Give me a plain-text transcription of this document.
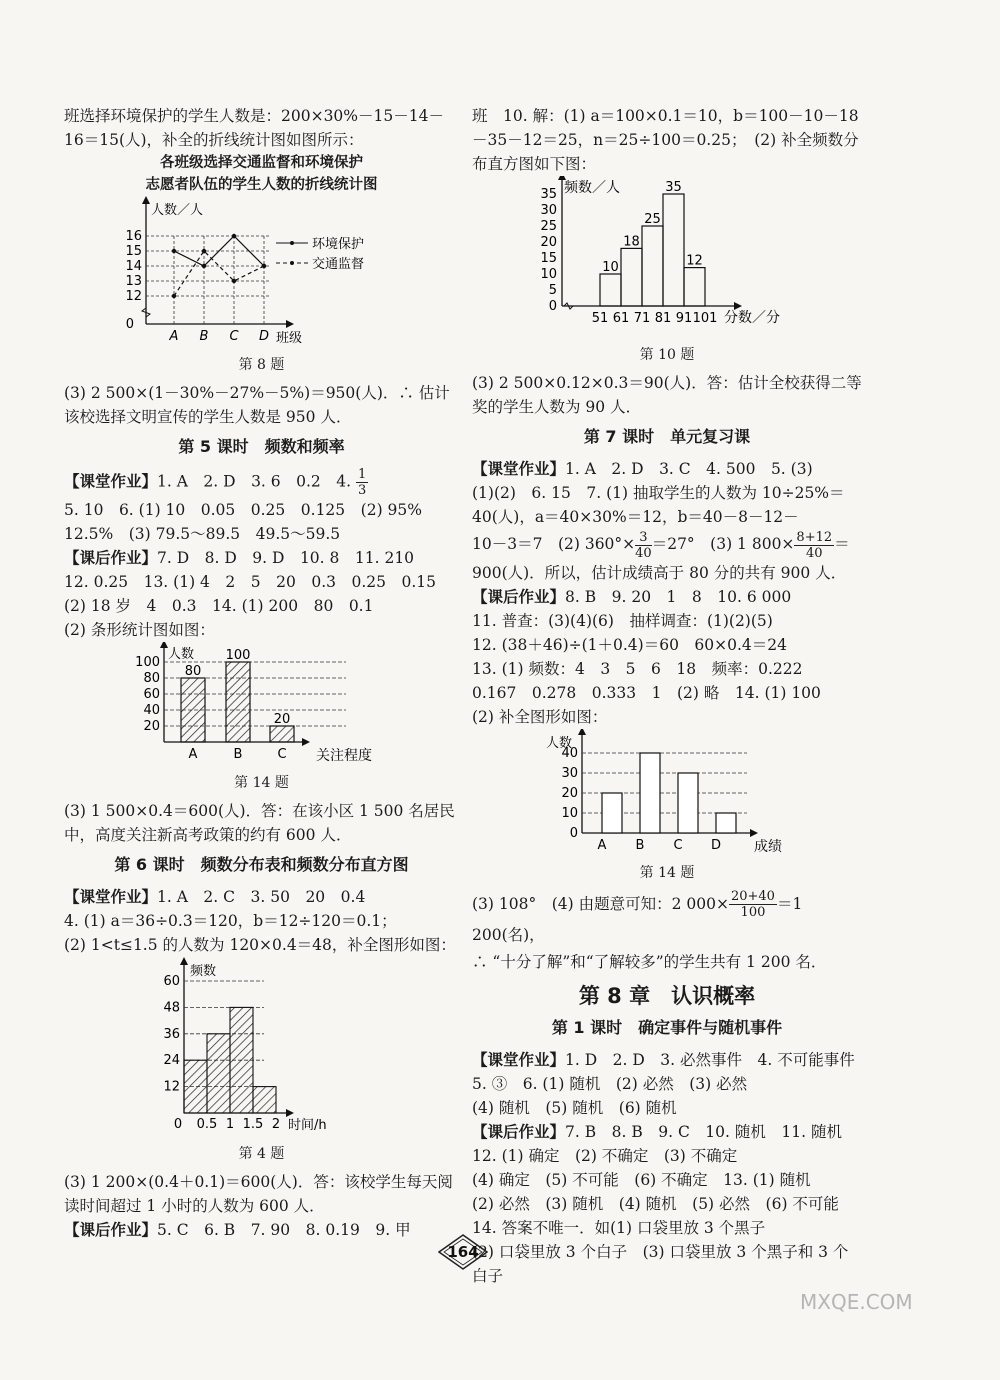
班选择环境保护的学生人数是：200×30%－15－14－16＝15(人)，补全的折线统计图如图所示：

各班级选择交通监督和环境保护
志愿者队伍的学生人数的折线统计图
人数／人
0
12
13
14
15
16
A B C D 班级
环境保护
交通监督
第 8 题

(3) 2 500×(1－30%－27%－5%)＝950(人)．∴ 估计该校选择文明宣传的学生人数是 950 人．

第 5 课时　频数和频率

【课堂作业】1. A　2. D　3. 6　0.2　4. $\frac{1}{3}$

5. 10　6. (1) 10　0.05　0.25　0.125　(2) 95%

12.5%　(3) 79.5～89.5　49.5～59.5

【课后作业】7. D　8. D　9. D　10. 8　11. 210

12. 0.25　13. (1) 4　2　5　20　0.3　0.25　0.15

(2) 18 岁　4　0.3　14. (1) 200　80　0.1

(2) 条形统计图如图：

人数
20
40
60
80
100
80
A
100
B
20
C 关注程度
第 14 题

(3) 1 500×0.4＝600(人)．答：在该小区 1 500 名居民中，高度关注新高考政策的约有 600 人．

第 6 课时　频数分布表和频数分布直方图

【课堂作业】1. A　2. C　3. 50　20　0.4

4. (1) a＝36÷0.3＝120，b＝12÷120＝0.1；

(2) 1<t≤1.5 的人数为 120×0.4＝48，补全图形如图：

频数
12
24
36
48
60
0 0.5 1 1.5 2 时间/h
第 4 题

(3) 1 200×(0.4＋0.1)＝600(人)．答：该校学生每天阅读时间超过 1 小时的人数为 600 人．

【课后作业】5. C　6. B　7. 90　8. 0.19　9. 甲

班　10. 解：(1) a＝100×0.1＝10，b＝100－10－18－35－12＝25，n＝25÷100＝0.25；　(2) 补全频数分布直方图如下图：

频数／人
0
5
10
15
20
25
30
35
10
18
25
35
12
51 61 71 81 91 101 分数／分
第 10 题

(3) 2 500×0.12×0.3＝90(人)．答：估计全校获得二等奖的学生人数为 90 人．

第 7 课时　单元复习课

【课堂作业】1. A　2. D　3. C　4. 500　5. (3)

(1)(2)　6. 15　7. (1) 抽取学生的人数为 10÷25%＝40(人)，a＝40×30%＝12，b＝40－8－12－

10－3＝7　(2) $360^\circ\times \frac{3}{40} =27^\circ$　(3) 1 $800\times \frac{8+12}{40}$ ＝

900(人)．所以，估计成绩高于 80 分的共有 900 人．

【课后作业】8. B　9. 20　1　8　10. 6 000

11. 普查：(3)(4)(6)　抽样调查：(1)(2)(5)

12. (38＋46)÷(1＋0.4)＝60　60×0.4＝24

13. (1) 频数：4　3　5　6　18　频率：0.222

0.167　0.278　0.333　1　(2) 略　14. (1) 100

(2) 补全图形如图：

人数
0
10
20
30
40
A B C D 成绩
第 14 题

(3) 108°　(4) 由题意可知：2 $000\times \frac{20+40}{100} =1$ 200(名)，

∴ “十分了解”和“了解较多”的学生共有 1 200 名．

第 8 章　认识概率
第 1 课时　确定事件与随机事件

【课堂作业】1. D　2. D　3. 必然事件　4. 不可能事件　5. ③　6. (1) 随机　(2) 必然　(3) 必然

(4) 随机　(5) 随机　(6) 随机

【课后作业】7. B　8. B　9. C　10. 随机　11. 随机　12. (1) 确定　(2) 不确定　(3) 不确定

(4) 确定　(5) 不可能　(6) 不确定　13. (1) 随机

(2) 必然　(3) 随机　(4) 随机　(5) 必然　(6) 不可能　14. 答案不唯一．如(1) 口袋里放 3 个黑子

(2) 口袋里放 3 个白子　(3) 口袋里放 3 个黑子和 3 个白子

164
MXQE.COM
